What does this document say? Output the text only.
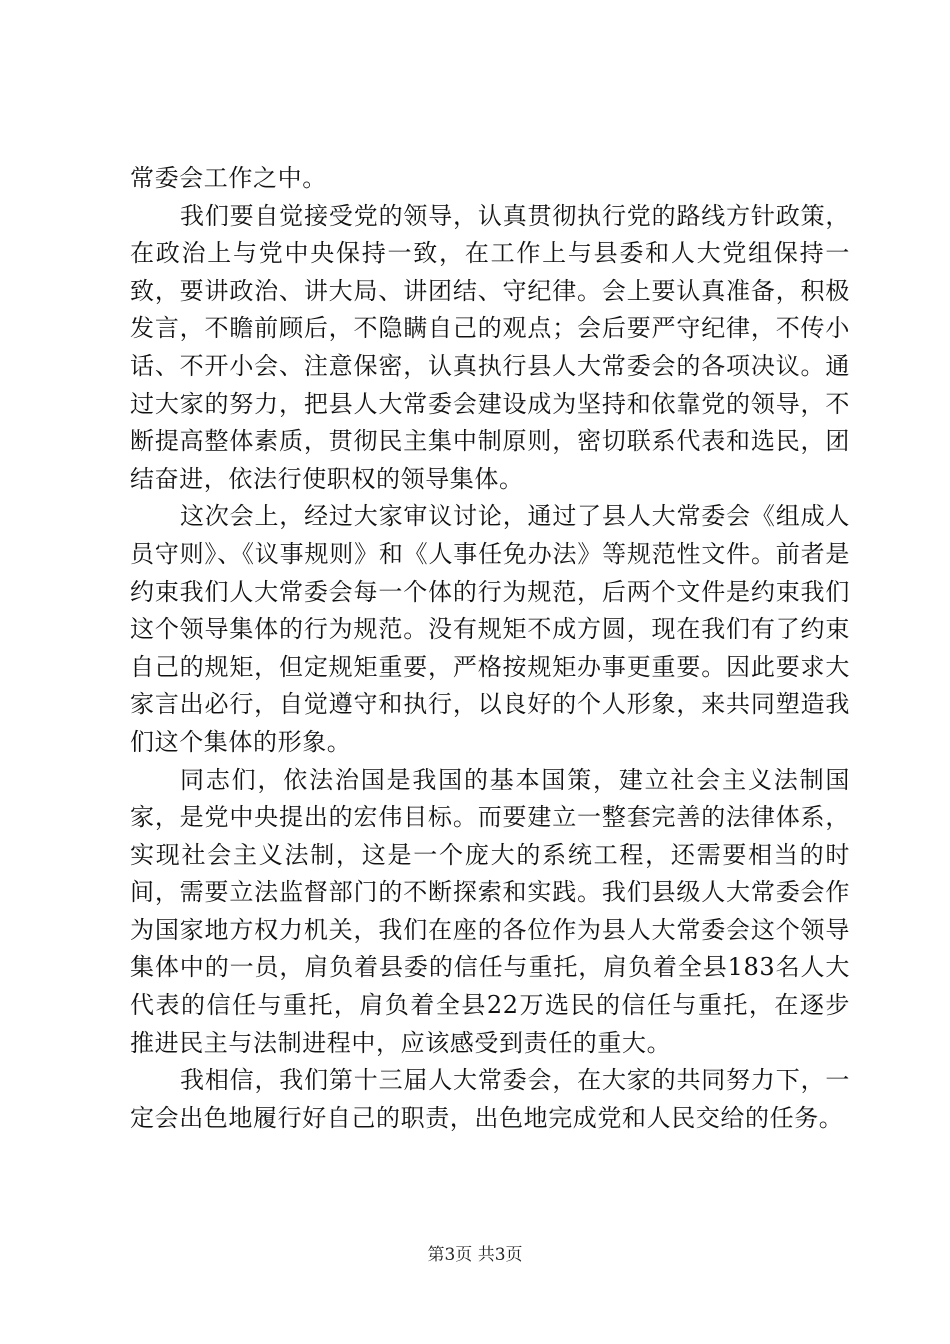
常委会工作之中。

我们要自觉接受党的领导，认真贯彻执行党的路线方针政策，在政治上与党中央保持一致，在工作上与县委和人大党组保持一致，要讲政治、讲大局、讲团结、守纪律。会上要认真准备，积极发言，不瞻前顾后，不隐瞒自己的观点；会后要严守纪律，不传小话、不开小会、注意保密，认真执行县人大常委会的各项决议。通过大家的努力，把县人大常委会建设成为坚持和依靠党的领导，不断提高整体素质，贯彻民主集中制原则，密切联系代表和选民，团结奋进，依法行使职权的领导集体。

这次会上，经过大家审议讨论，通过了县人大常委会《组成人员守则》、《议事规则》和《人事任免办法》等规范性文件。前者是约束我们人大常委会每一个体的行为规范，后两个文件是约束我们这个领导集体的行为规范。没有规矩不成方圆，现在我们有了约束自己的规矩，但定规矩重要，严格按规矩办事更重要。因此要求大家言出必行，自觉遵守和执行，以良好的个人形象，来共同塑造我们这个集体的形象。

同志们，依法治国是我国的基本国策，建立社会主义法制国家，是党中央提出的宏伟目标。而要建立一整套完善的法律体系，实现社会主义法制，这是一个庞大的系统工程，还需要相当的时间，需要立法监督部门的不断探索和实践。我们县级人大常委会作为国家地方权力机关，我们在座的各位作为县人大常委会这个领导集体中的一员，肩负着县委的信任与重托，肩负着全县183名人大代表的信任与重托，肩负着全县22万选民的信任与重托，在逐步推进民主与法制进程中，应该感受到责任的重大。

我相信，我们第十三届人大常委会，在大家的共同努力下，一定会出色地履行好自己的职责，出色地完成党和人民交给的任务。

第3页 共3页
